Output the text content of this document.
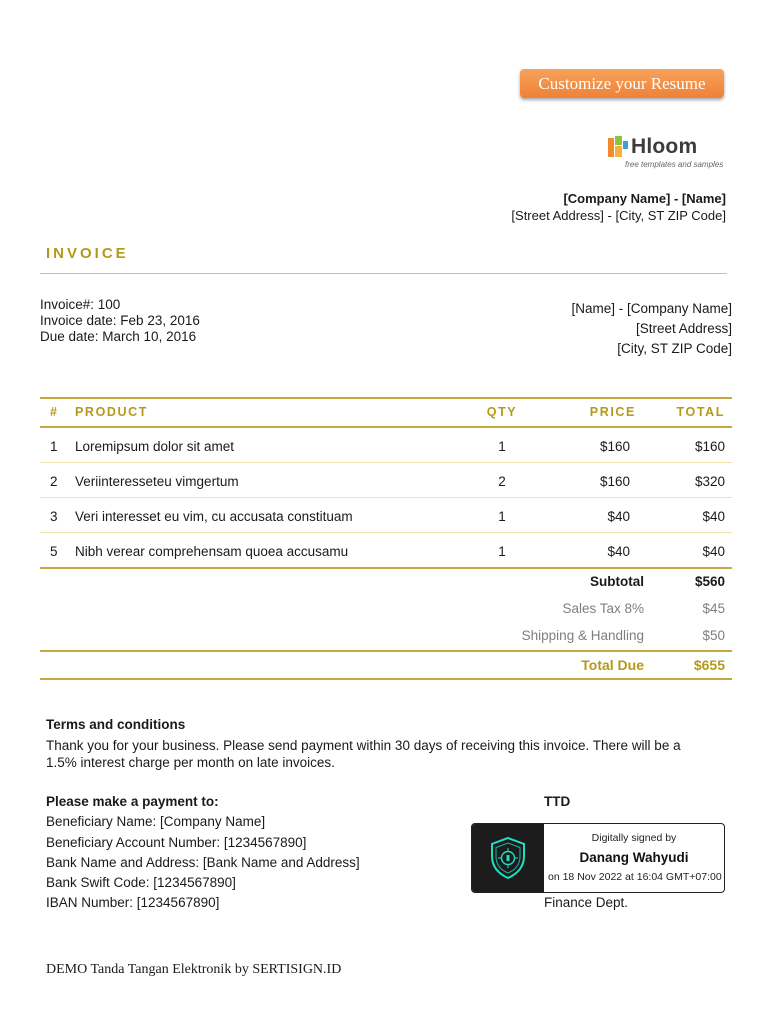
Customize your Resume
Hloom
free templates and samples
[Company Name] - [Name]
[Street Address] - [City, ST ZIP Code]
INVOICE
Invoice#: 100
Invoice date: Feb 23, 2016
Due date: March 10, 2016
[Name] - [Company Name]
[Street Address]
[City, ST ZIP Code]
# PRODUCT	QTY	PRICE	TOTAL
1 Loremipsum dolor sit amet	1	$160	$160
2 Veriinteresseteu vimgertum	2	$160	$320
3 Veri interesset eu vim, cu accusata constituam	1	$40	$40
5 Nibh verear comprehensam quoea accusamu	1	$40	$40
Subtotal	$560
Sales Tax 8%	$45
Shipping & Handling	$50
Total Due	$655
Terms and conditions
Thank you for your business. Please send payment within 30 days of receiving this invoice. There will be a 1.5% interest charge per month on late invoices.
Please make a payment to:
Beneficiary Name: [Company Name]
Beneficiary Account Number: [1234567890]
Bank Name and Address: [Bank Name and Address]
Bank Swift Code: [1234567890]
IBAN Number: [1234567890]
TTD
Digitally signed by
Danang Wahyudi
on 18 Nov 2022 at 16:04 GMT+07:00
Finance Dept.
DEMO Tanda Tangan Elektronik by SERTISIGN.ID
